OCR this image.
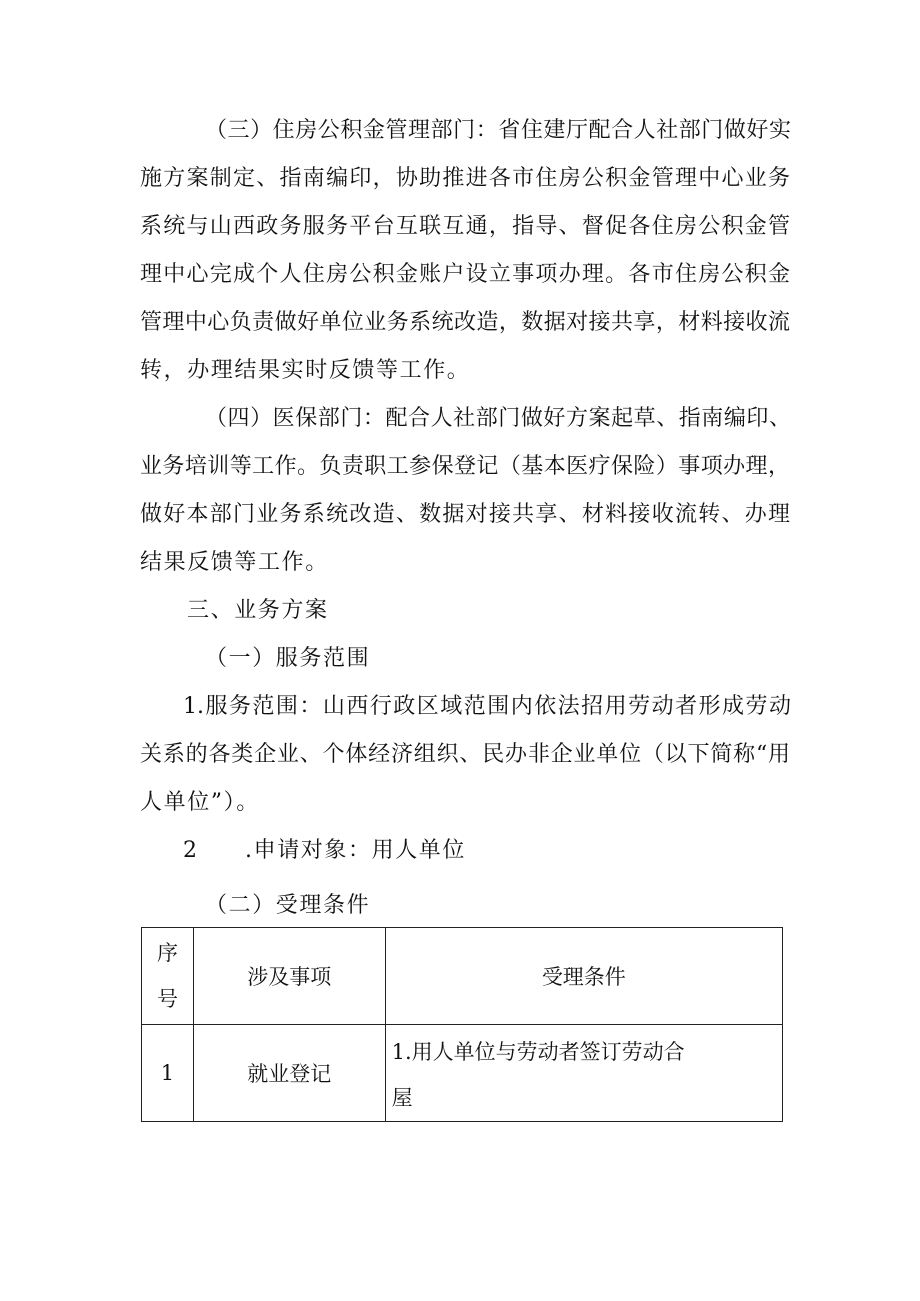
（三）住房公积金管理部门：省住建厅配合人社部门做好实
施方案制定、指南编印，协助推进各市住房公积金管理中心业务
系统与山西政务服务平台互联互通，指导、督促各住房公积金管
理中心完成个人住房公积金账户设立事项办理。各市住房公积金
管理中心负责做好单位业务系统改造，数据对接共享，材料接收流
转，办理结果实时反馈等工作。
（四）医保部门：配合人社部门做好方案起草、指南编印、
业务培训等工作。负责职工参保登记（基本医疗保险）事项办理，
做好本部门业务系统改造、数据对接共享、材料接收流转、办理
结果反馈等工作。
三、业务方案
（一）服务范围
1.服务范围：山西行政区域范围内依法招用劳动者形成劳动
关系的各类企业、个体经济组织、民办非企业单位（以下简称“用
人单位”）。
2	.申请对象：用人单位
（二）受理条件
序
号	涉及事项	受理条件
1	就业登记	1.用人单位与劳动者签订劳动合
屋
